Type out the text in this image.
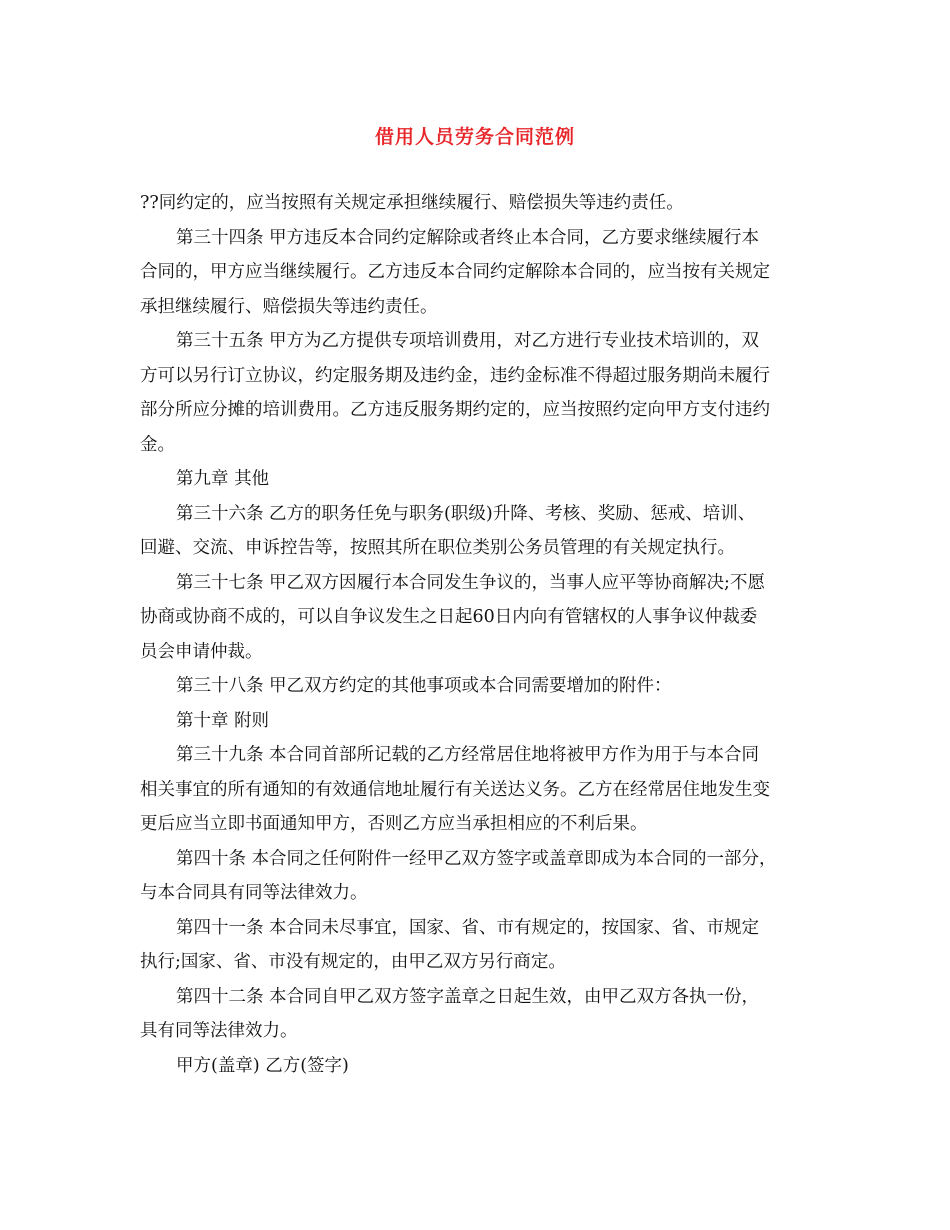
借用人员劳务合同范例
??同约定的，应当按照有关规定承担继续履行、赔偿损失等违约责任。
第三十四条 甲方违反本合同约定解除或者终止本合同，乙方要求继续履行本
合同的，甲方应当继续履行。乙方违反本合同约定解除本合同的，应当按有关规定
承担继续履行、赔偿损失等违约责任。
第三十五条 甲方为乙方提供专项培训费用，对乙方进行专业技术培训的，双
方可以另行订立协议，约定服务期及违约金，违约金标准不得超过服务期尚未履行
部分所应分摊的培训费用。乙方违反服务期约定的，应当按照约定向甲方支付违约
金。
第九章 其他
第三十六条 乙方的职务任免与职务(职级)升降、考核、奖励、惩戒、培训、
回避、交流、申诉控告等，按照其所在职位类别公务员管理的有关规定执行。
第三十七条 甲乙双方因履行本合同发生争议的，当事人应平等协商解决;不愿
协商或协商不成的，可以自争议发生之日起60日内向有管辖权的人事争议仲裁委
员会申请仲裁。
第三十八条 甲乙双方约定的其他事项或本合同需要增加的附件：
第十章 附则
第三十九条 本合同首部所记载的乙方经常居住地将被甲方作为用于与本合同
相关事宜的所有通知的有效通信地址履行有关送达义务。乙方在经常居住地发生变
更后应当立即书面通知甲方，否则乙方应当承担相应的不利后果。
第四十条 本合同之任何附件一经甲乙双方签字或盖章即成为本合同的一部分，
与本合同具有同等法律效力。
第四十一条 本合同未尽事宜，国家、省、市有规定的，按国家、省、市规定
执行;国家、省、市没有规定的，由甲乙双方另行商定。
第四十二条 本合同自甲乙双方签字盖章之日起生效，由甲乙双方各执一份，
具有同等法律效力。
甲方(盖章) 乙方(签字)
